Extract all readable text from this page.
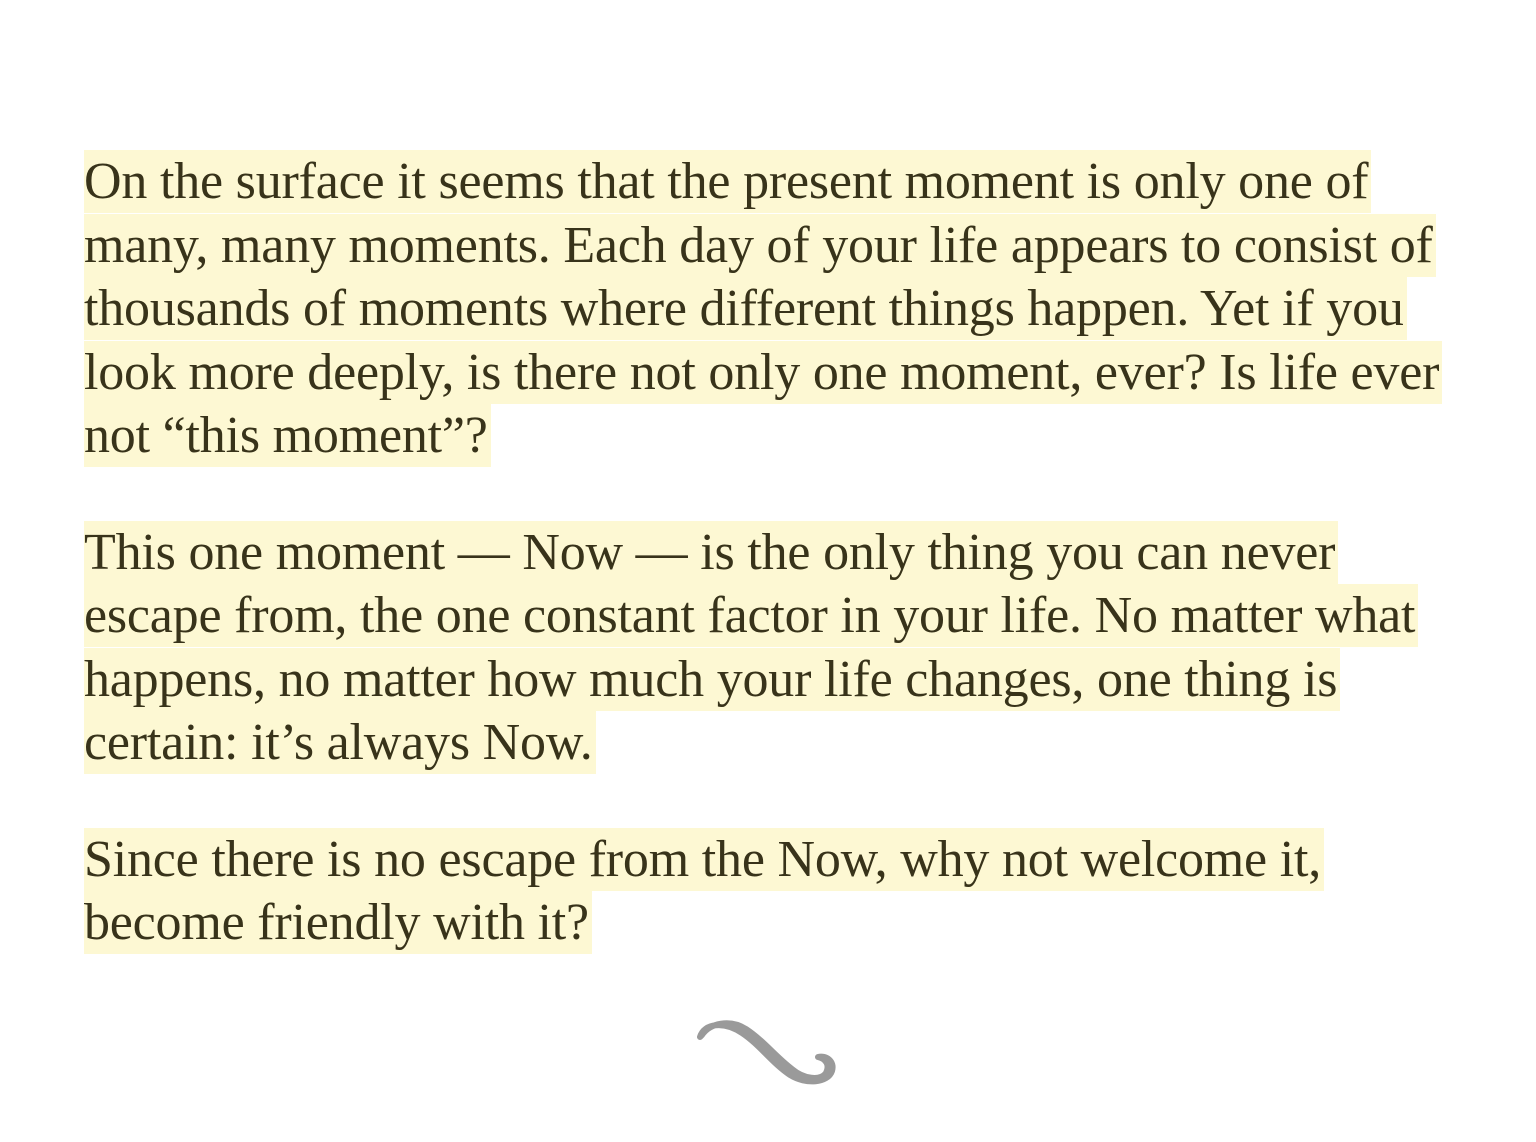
On the surface it seems that the present moment is only one of many, many moments. Each day of your life appears to consist of thousands of moments where different things happen. Yet if you look more deeply, is there not only one moment, ever? Is life ever not “this moment”?

This one moment — Now — is the only thing you can never escape from, the one constant factor in your life. No matter what happens, no matter how much your life changes, one thing is certain: it’s always Now.

Since there is no escape from the Now, why not welcome it, become friendly with it?
